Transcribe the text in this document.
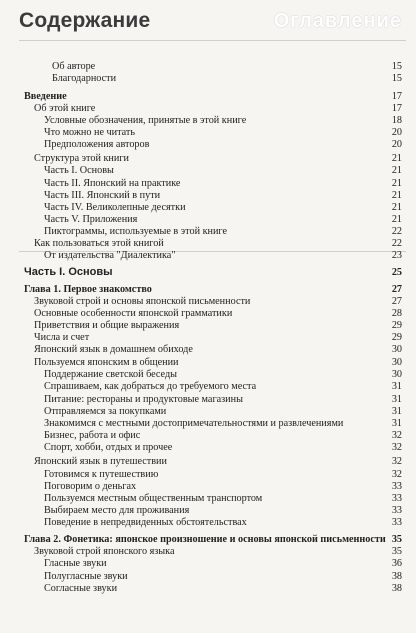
Содержание	Оглавление
Об авторе	15
Благодарности	15
Введение	17
Об этой книге	17
Условные обозначения, принятые в этой книге	18
Что можно не читать	20
Предположения авторов	20
Структура этой книги	21
Часть I. Основы	21
Часть II. Японский на практике	21
Часть III. Японский в пути	21
Часть IV. Великолепные десятки	21
Часть V. Приложения	21
Пиктограммы, используемые в этой книге	22
Как пользоваться этой книгой	22
От издательства "Диалектика"	23
Часть I. Основы	25
Глава 1. Первое знакомство	27
Звуковой строй и основы японской письменности	27
Основные особенности японской грамматики	28
Приветствия и общие выражения	29
Числа и счет	29
Японский язык в домашнем обиходе	30
Пользуемся японским в общении	30
Поддержание светской беседы	30
Спрашиваем, как добраться до требуемого места	31
Питание: рестораны и продуктовые магазины	31
Отправляемся за покупками	31
Знакомимся с местными достопримечательностями и развлечениями	31
Бизнес, работа и офис	32
Спорт, хобби, отдых и прочее	32
Японский язык в путешествии	32
Готовимся к путешествию	32
Поговорим о деньгах	33
Пользуемся местным общественным транспортом	33
Выбираем место для проживания	33
Поведение в непредвиденных обстоятельствах	33
Глава 2. Фонетика: японское произношение и основы японской письменности 35
Звуковой строй японского языка	35
Гласные звуки	36
Полугласные звуки	38
Согласные звуки	38
